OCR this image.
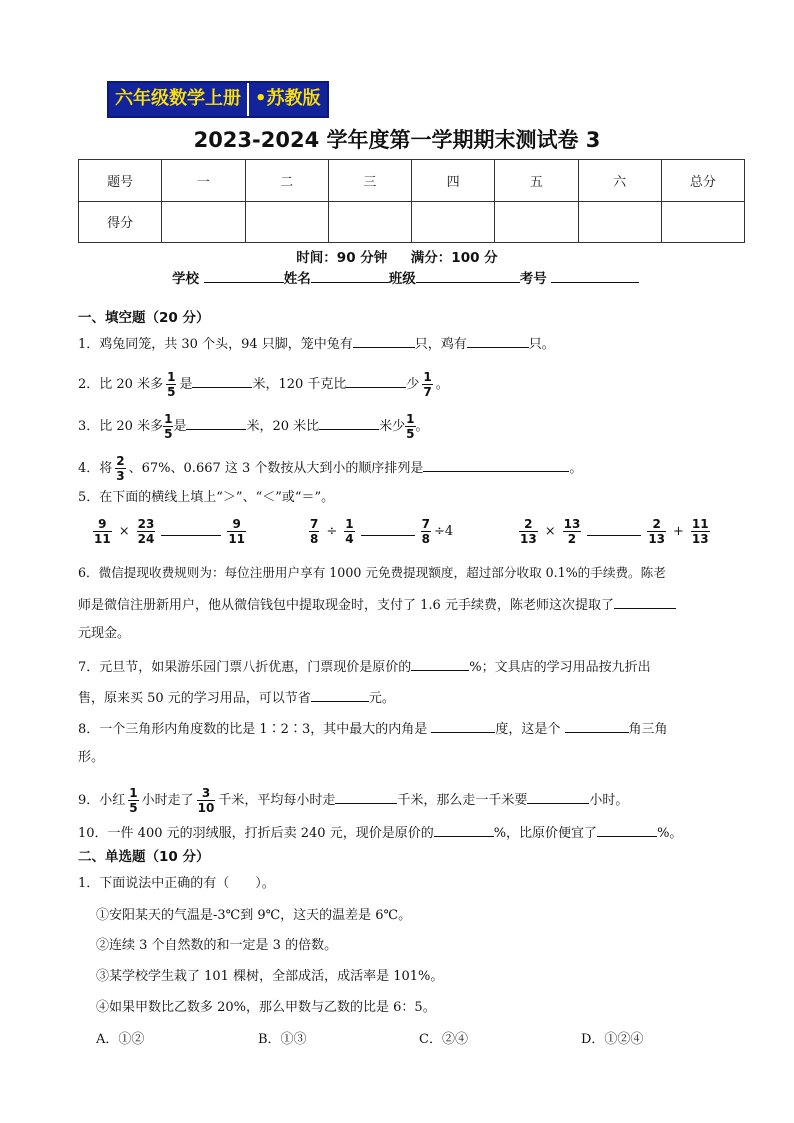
六年级数学上册 •苏教版
2023-2024 学年度第一学期期末测试卷 3
题号	一	二	三	四	五	六	总分
得分							
时间：90 分钟 满分：100 分
学校	姓名	班级	考号
一、填空题（20 分）
1．鸡兔同笼，共 30 个头，94 只脚，笼中兔有	只，鸡有	只。
2．比 20 米多 $\frac{1}{5}$ 是	米，120 千克比	少 $\frac{1}{7}$ 。
3．比 20 米多 $\frac{1}{5}$ 是	米，20 米比	米少 $\frac{1}{5}$ 。
4．将 $\frac{2}{3}$ 、67%、0.667 这 3 个数按从大到小的顺序排列是	。
5．在下面的横线上填上“＞”、“＜”或“＝”。
$\frac{9}{11} \times \frac{23}{24}$	$\frac{9}{11}$	$\frac{7}{8} \div \frac{1}{4}$	$\frac{7}{8} \div 4$	$\frac{2}{13} \times \frac{13}{2}$	$\frac{2}{13} + \frac{11}{13}$
6．微信提现收费规则为：每位注册用户享有 1000 元免费提现额度，超过部分收取 0.1%的手续费。陈老
师是微信注册新用户，他从微信钱包中提取现金时，支付了 1.6 元手续费，陈老师这次提取了
元现金。
7．元旦节，如果游乐园门票八折优惠，门票现价是原价的	%；文具店的学习用品按九折出
售，原来买 50 元的学习用品，可以节省	元。
8．一个三角形内角度数的比是 1∶2∶3，其中最大的内角是	度，这是个	角三角
形。
9．小红 $\frac{1}{5}$ 小时走了 $\frac{3}{10}$ 千米，平均每小时走	千米，那么走一千米要	小时。
10．一件 400 元的羽绒服，打折后卖 240 元，现价是原价的	%，比原价便宜了	%。
二、单选题（10 分）
1．下面说法中正确的有（　　）。
①安阳某天的气温是-3℃到 9℃，这天的温差是 6℃。
②连续 3 个自然数的和一定是 3 的倍数。
③某学校学生栽了 101 棵树，全部成活，成活率是 101%。
④如果甲数比乙数多 20%，那么甲数与乙数的比是 6：5。
A．①②	B．①③	C．②④	D．①②④
